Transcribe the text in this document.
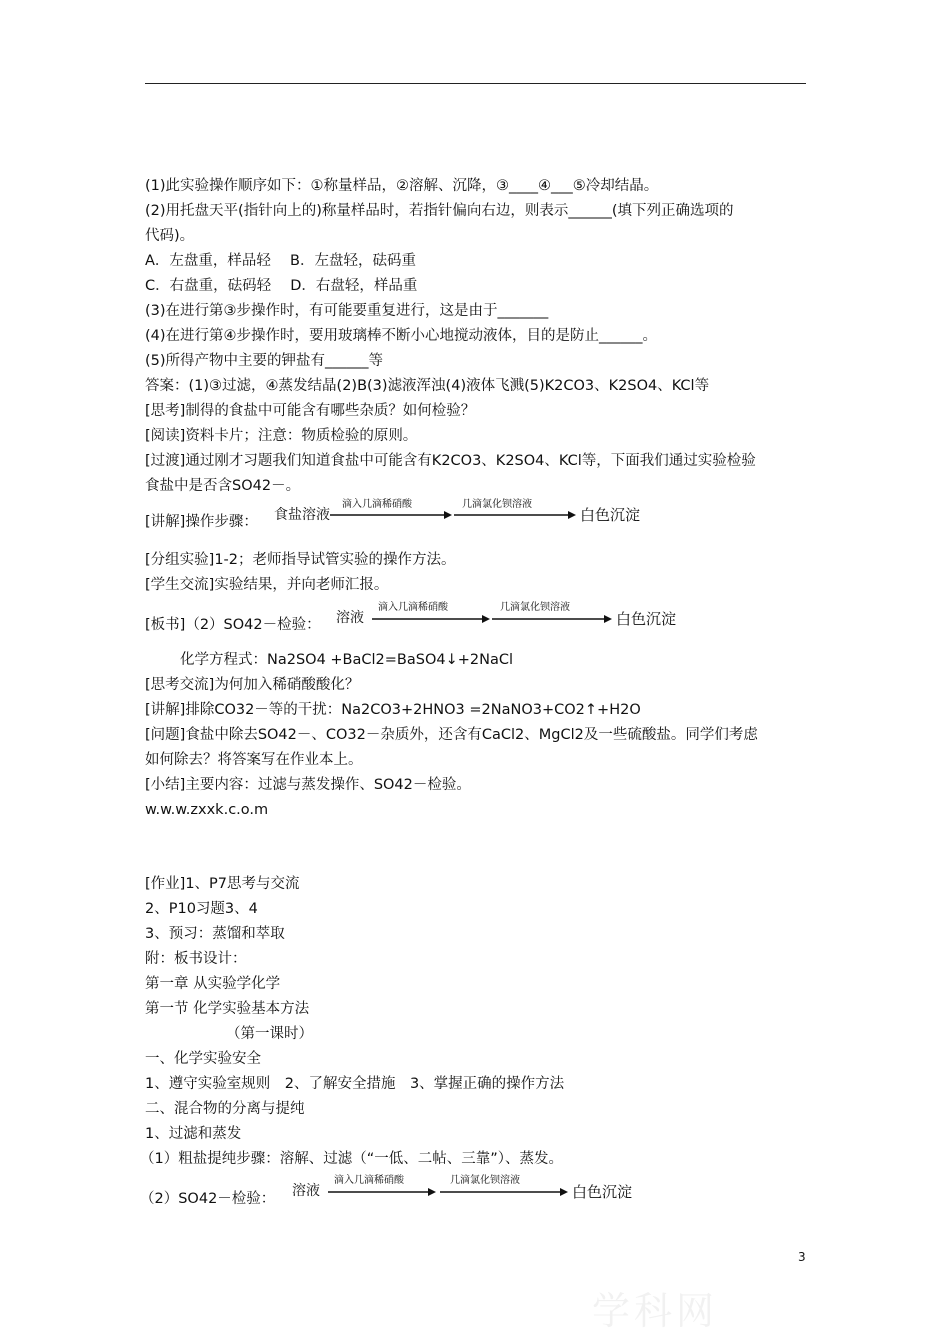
(1)此实验操作顺序如下：①称量样品，②溶解、沉降，③____④___⑤冷却结晶。
(2)用托盘天平(指针向上的)称量样品时，若指针偏向右边，则表示______(填下列正确选项的
代码)。
A．左盘重，样品轻　 B．左盘轻，砝码重
C．右盘重，砝码轻　 D．右盘轻，样品重
(3)在进行第③步操作时，有可能要重复进行，这是由于_______
(4)在进行第④步操作时，要用玻璃棒不断小心地搅动液体，目的是防止______。
(5)所得产物中主要的钾盐有______等
答案：(1)③过滤，④蒸发结晶(2)B(3)滤液浑浊(4)液体飞溅(5)K2CO3、K2SO4、KCl等
[思考]制得的食盐中可能含有哪些杂质？如何检验？
[阅读]资料卡片；注意：物质检验的原则。
[过渡]通过刚才习题我们知道食盐中可能含有K2CO3、K2SO4、KCl等，下面我们通过实验检验
食盐中是否含SO42－。
[讲解]操作步骤： 食盐溶液
滴入几滴稀硝酸	几滴氯化钡溶液
白色沉淀
[分组实验]1-2；老师指导试管实验的操作方法。
[学生交流]实验结果，并向老师汇报。
[板书]（2）SO42－检验： 溶液
滴入几滴稀硝酸	几滴氯化钡溶液
白色沉淀
化学方程式：Na2SO4 +BaCl2=BaSO4↓+2NaCl
[思考交流]为何加入稀硝酸酸化？
[讲解]排除CO32－等的干扰：Na2CO3+2HNO3 =2NaNO3+CO2↑+H2O
[问题]食盐中除去SO42－、CO32－杂质外，还含有CaCl2、MgCl2及一些硫酸盐。同学们考虑
如何除去？将答案写在作业本上。
[小结]主要内容：过滤与蒸发操作、SO42－检验。
w.w.w.zxxk.c.o.m
[作业]1、P7思考与交流
2、P10习题3、4
3、预习：蒸馏和萃取
附：板书设计：
第一章 从实验学化学
第一节 化学实验基本方法
（第一课时）
一、化学实验安全
1、遵守实验室规则　2、了解安全措施　3、掌握正确的操作方法
二、混合物的分离与提纯
1、过滤和蒸发
（1）粗盐提纯步骤：溶解、过滤（“一低、二帖、三靠”）、蒸发。
（2）SO42－检验： 溶液
滴入几滴稀硝酸	几滴氯化钡溶液
白色沉淀
3
学科网
